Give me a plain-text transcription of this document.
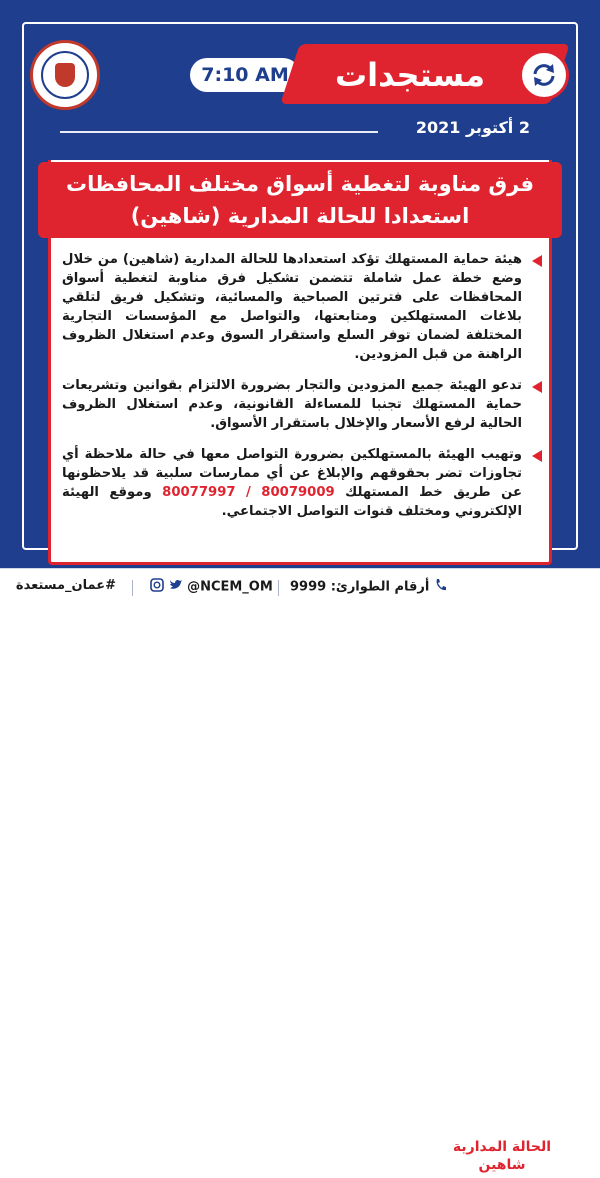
7:10 AM	مستجدات
2 أكتوبر 2021
فرق مناوبة لتغطية أسواق مختلف المحافظات استعدادا للحالة المدارية (شاهين)
هيئة حماية المستهلك تؤكد استعدادها للحالة المدارية (شاهين) من خلال وضع خطة عمل شاملة تتضمن تشكيل فرق مناوبة لتغطية أسواق المحافظات على فترتين الصباحية والمسائية، وتشكيل فريق لتلقي بلاغات المستهلكين ومتابعتها، والتواصل مع المؤسسات التجارية المختلفة لضمان توفر السلع واستقرار السوق وعدم استغلال الظروف الراهنة من قبل المزودين.
تدعو الهيئة جميع المزودين والتجار بضرورة الالتزام بقوانين وتشريعات حماية المستهلك تجنبا للمساءلة القانونية، وعدم استغلال الظروف الحالية لرفع الأسعار والإخلال باستقرار الأسواق.
وتهيب الهيئة بالمستهلكين بضرورة التواصل معها في حالة ملاحظة أي تجاوزات تضر بحقوقهم والإبلاغ عن أي ممارسات سلبية قد يلاحظونها عن طريق خط المستهلك 80079009 / 80077997 وموقع الهيئة الإلكتروني ومختلف قنوات التواصل الاجتماعي.
#عمان_مستعدة	@NCEM_OM أرقام الطوارئ: 9999
الحالة المدارية
شاهين
